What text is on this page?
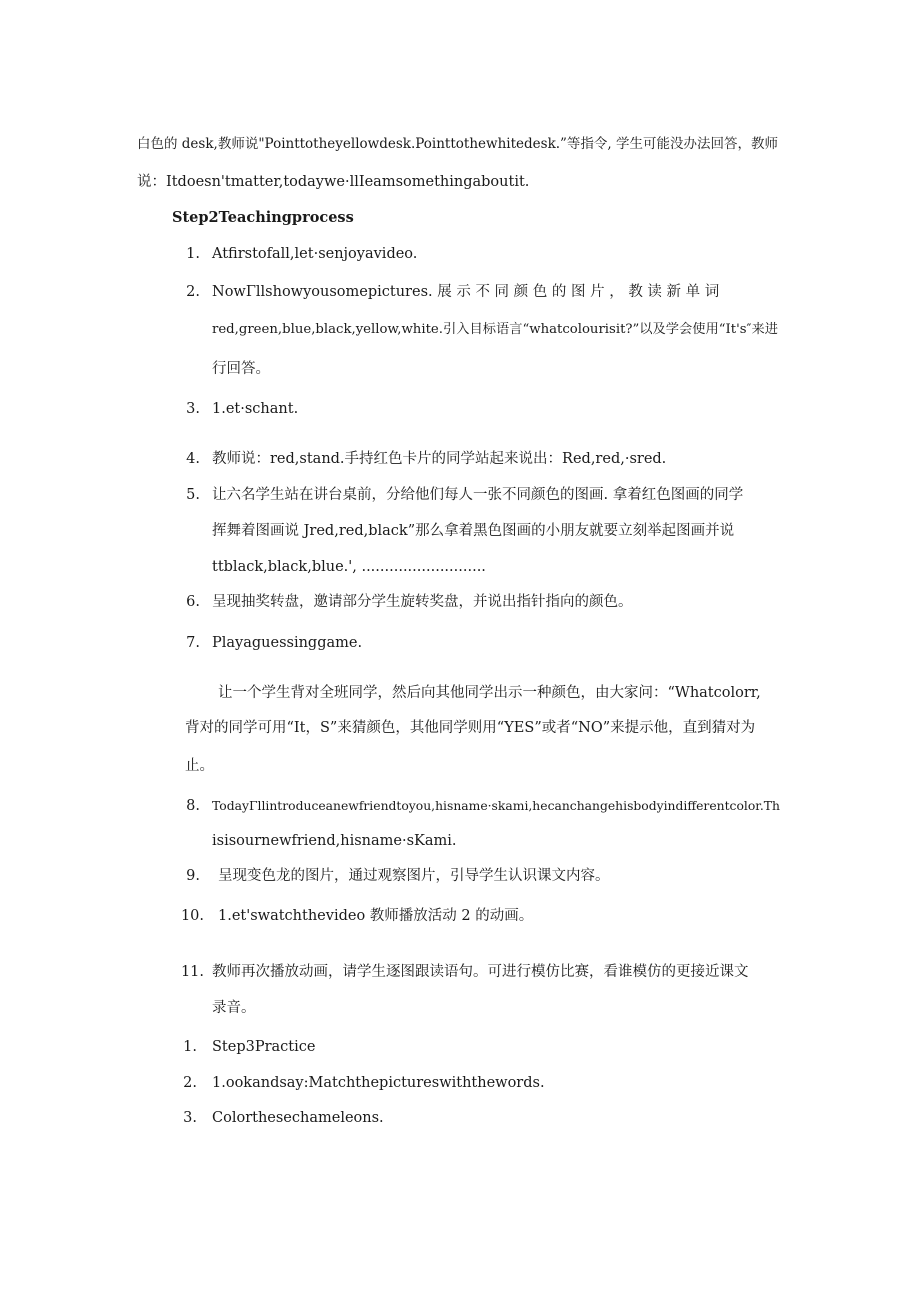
白色的 desk,教师说"Pointtotheyellowdesk.Pointtothewhitedesk.”等指令, 学生可能没办法回答，教师
说：Itdoesn'tmatter,todaywe·llIeamsomethingaboutit.
Step2Teachingprocess
1. Atfirstofall,let·senjoyavideo.
2. NowΓllshowyousomepictures. 展 示 不 同 颜 色 的 图 片 ， 教 读 新 单 词
red,green,blue,black,yellow,white.引入目标语言“whatcolourisit?”以及学会使用“It's″来进
行回答。
3. 1.et·schant.
4. 教师说：red,stand.手持红色卡片的同学站起来说出：Red,red,·sred.
5. 让六名学生站在讲台桌前，分给他们每人一张不同颜色的图画. 拿着红色图画的同学
挥舞着图画说 Jred,red,black”那么拿着黑色图画的小朋友就要立刻举起图画并说
ttblack,black,blue.', ...........................
6. 呈现抽奖转盘，邀请部分学生旋转奖盘，并说出指针指向的颜色。
7. Playaguessinggame.
让一个学生背对全班同学，然后向其他同学出示一种颜色，由大家问：“Whatcolorr,
背对的同学可用“It，S”来猜颜色，其他同学则用“YES”或者“NO”来提示他，直到猜对为
止。
8. TodayΓllintroduceanewfriendtoyou,hisname·skami,hecanchangehisbodyindifferentcolor.Th
isisournewfriend,hisname·sKami.
9. 呈现变色龙的图片，通过观察图片，引导学生认识课文内容。
10. 1.et'swatchthevideo 教师播放活动 2 的动画。
11. 教师再次播放动画，请学生逐图跟读语句。可进行模仿比赛，看谁模仿的更接近课文
录音。
1. Step3Practice
2. 1.ookandsay:Matchthepictureswiththewords.
3. Colorthesechameleons.
